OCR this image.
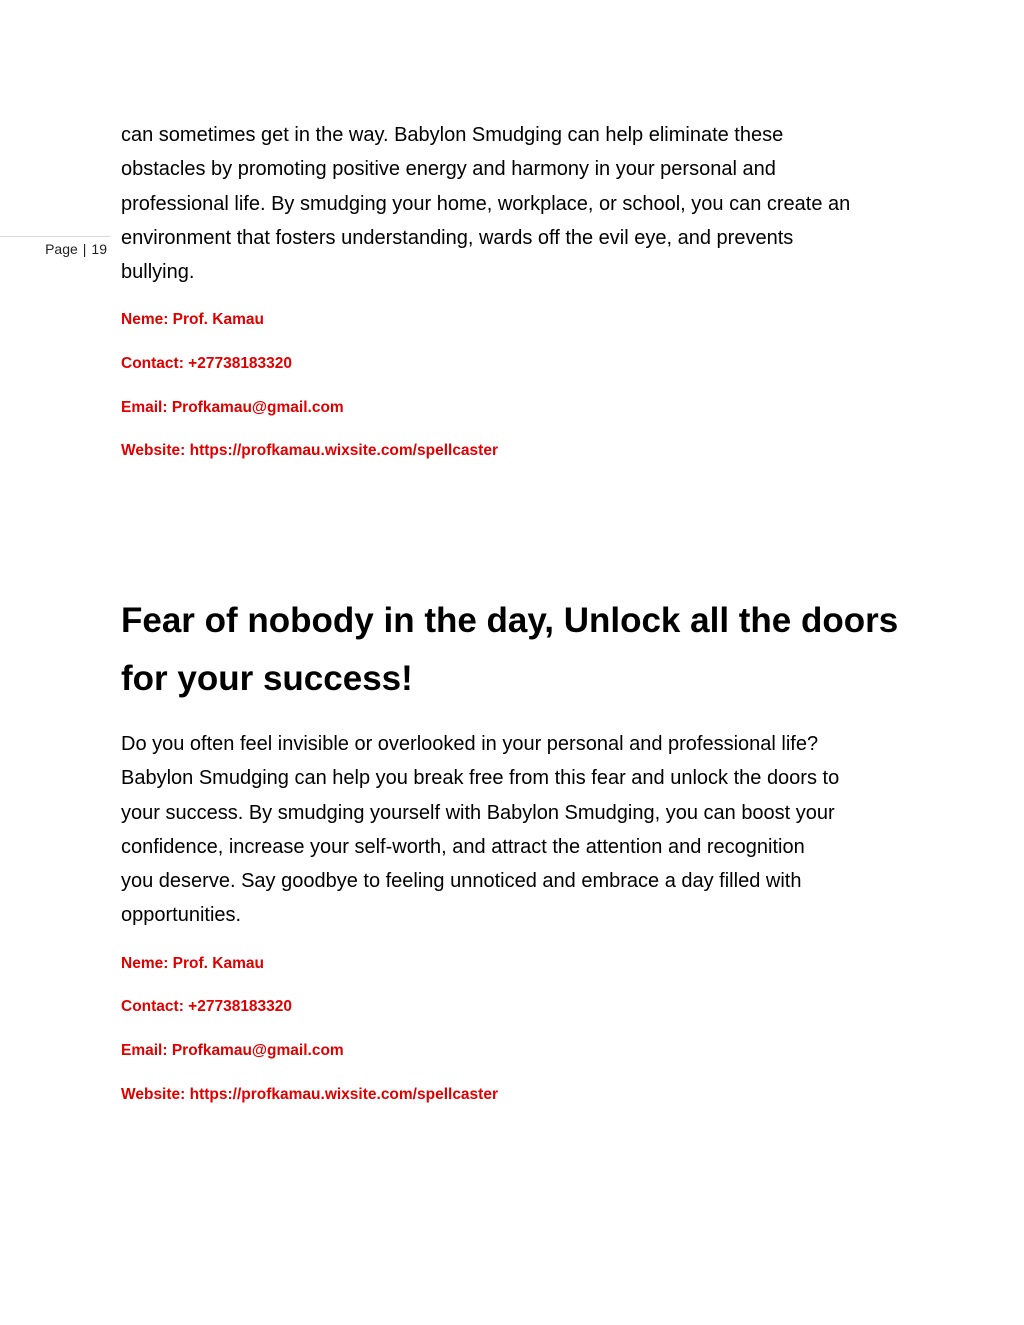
Page | 19

can sometimes get in the way. Babylon Smudging can help eliminate these

obstacles by promoting positive energy and harmony in your personal and

professional life. By smudging your home, workplace, or school, you can create an

environment that fosters understanding, wards off the evil eye, and prevents

bullying.

Neme: Prof. Kamau

Contact: +27738183320

Email: Profkamau@gmail.com

Website: https://profkamau.wixsite.com/spellcaster

Fear of nobody in the day, Unlock all the doors
for your success!

Do you often feel invisible or overlooked in your personal and professional life?

Babylon Smudging can help you break free from this fear and unlock the doors to

your success. By smudging yourself with Babylon Smudging, you can boost your

confidence, increase your self-worth, and attract the attention and recognition

you deserve. Say goodbye to feeling unnoticed and embrace a day filled with

opportunities.

Neme: Prof. Kamau

Contact: +27738183320

Email: Profkamau@gmail.com

Website: https://profkamau.wixsite.com/spellcaster
